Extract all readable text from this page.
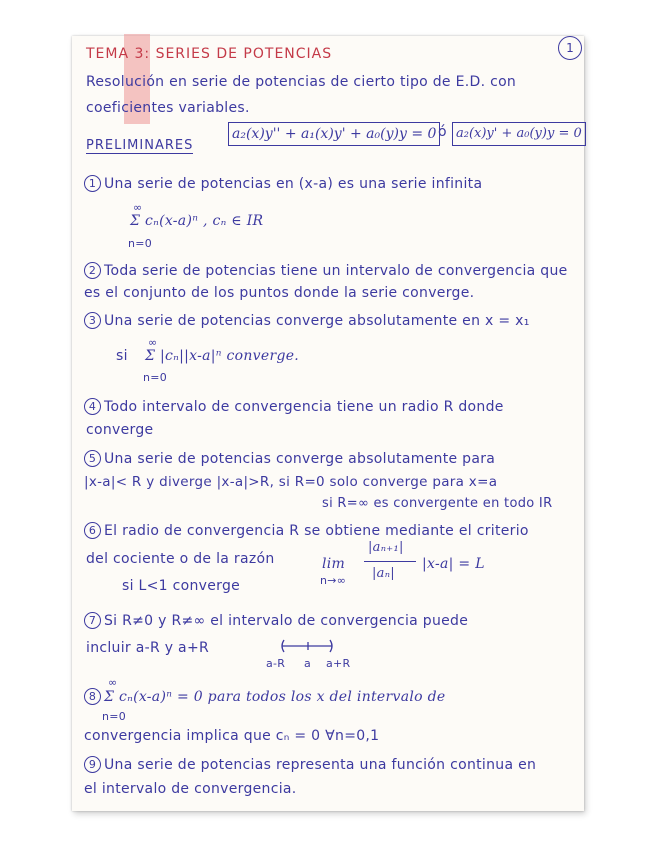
1
TEMA 3: SERIES DE POTENCIAS
Resolución en serie de potencias de cierto tipo de E.D. con
coeficientes variables.
PRELIMINARES
a₂(x)y'' + a₁(x)y' + a₀(y)y = 0 ó a₂(x)y' + a₀(y)y = 0
1 Una serie de potencias en (x-a) es una serie infinita
∞
Σ cₙ(x-a)ⁿ , cₙ ∈ IR
n=0
2 Toda serie de potencias tiene un intervalo de convergencia que
es el conjunto de los puntos donde la serie converge.
3 Una serie de potencias converge absolutamente en x = x₁
si
∞
Σ |cₙ||x-a|ⁿ converge.
n=0
4 Todo intervalo de convergencia tiene un radio R donde
converge
5 Una serie de potencias converge absolutamente para
|x-a|< R y diverge |x-a|>R, si R=0 solo converge para x=a
si R=∞ es convergente en todo IR
6 El radio de convergencia R se obtiene mediante el criterio
del cociente o de la razón	lim
n→∞
|aₙ₊₁|
|aₙ|
|x-a| = L
si L<1 converge
7 Si R≠0 y R≠∞ el intervalo de convergencia puede
incluir a-R y a+R
a-R a a+R
∞
8 Σ cₙ(x-a)ⁿ = 0 para todos los x del intervalo de
n=0
convergencia implica que cₙ = 0 ∀n=0,1
9 Una serie de potencias representa una función continua en
el intervalo de convergencia.
